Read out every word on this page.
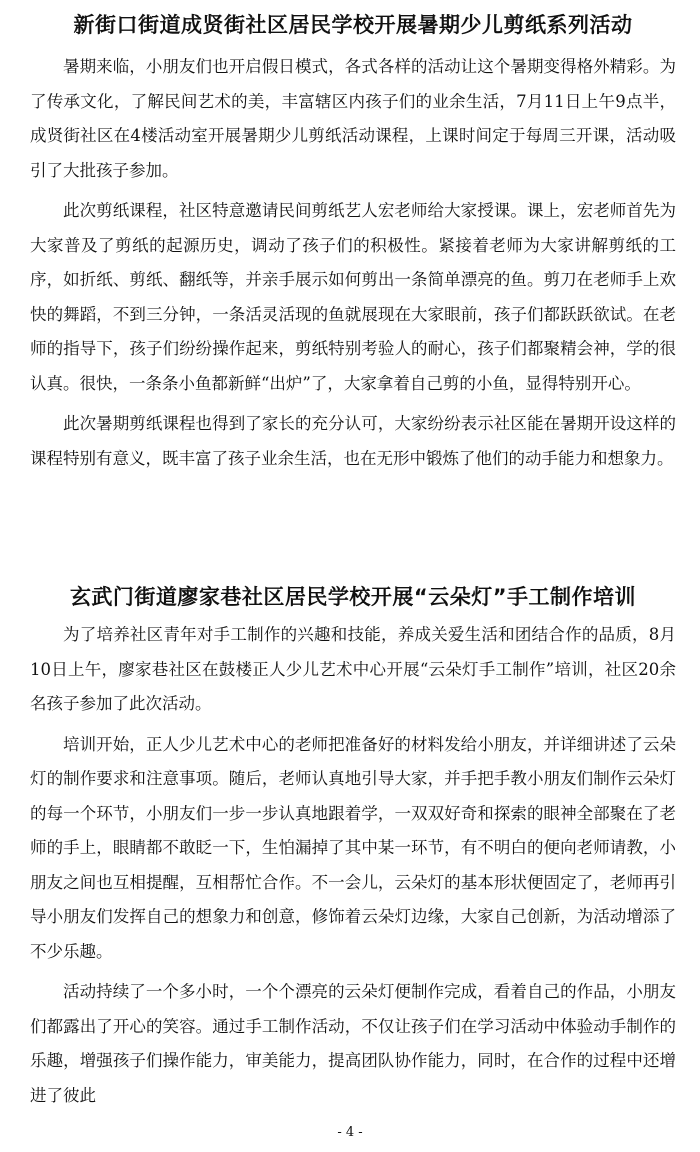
新街口街道成贤街社区居民学校开展暑期少儿剪纸系列活动

暑期来临，小朋友们也开启假日模式，各式各样的活动让这个暑期变得格外精彩。为了传承文化，了解民间艺术的美，丰富辖区内孩子们的业余生活，7月11日上午9点半，成贤街社区在4楼活动室开展暑期少儿剪纸活动课程，上课时间定于每周三开课，活动吸引了大批孩子参加。

此次剪纸课程，社区特意邀请民间剪纸艺人宏老师给大家授课。课上，宏老师首先为大家普及了剪纸的起源历史，调动了孩子们的积极性。紧接着老师为大家讲解剪纸的工序，如折纸、剪纸、翻纸等，并亲手展示如何剪出一条简单漂亮的鱼。剪刀在老师手上欢快的舞蹈，不到三分钟，一条活灵活现的鱼就展现在大家眼前，孩子们都跃跃欲试。在老师的指导下，孩子们纷纷操作起来，剪纸特别考验人的耐心，孩子们都聚精会神，学的很认真。很快，一条条小鱼都新鲜“出炉”了，大家拿着自己剪的小鱼，显得特别开心。

此次暑期剪纸课程也得到了家长的充分认可，大家纷纷表示社区能在暑期开设这样的课程特别有意义，既丰富了孩子业余生活，也在无形中锻炼了他们的动手能力和想象力。

玄武门街道廖家巷社区居民学校开展“云朵灯”手工制作培训

为了培养社区青年对手工制作的兴趣和技能，养成关爱生活和团结合作的品质，8月10日上午，廖家巷社区在鼓楼正人少儿艺术中心开展“云朵灯手工制作”培训，社区20余名孩子参加了此次活动。

培训开始，正人少儿艺术中心的老师把准备好的材料发给小朋友，并详细讲述了云朵灯的制作要求和注意事项。随后，老师认真地引导大家，并手把手教小朋友们制作云朵灯的每一个环节，小朋友们一步一步认真地跟着学，一双双好奇和探索的眼神全部聚在了老师的手上，眼睛都不敢眨一下，生怕漏掉了其中某一环节，有不明白的便向老师请教，小朋友之间也互相提醒，互相帮忙合作。不一会儿，云朵灯的基本形状便固定了，老师再引导小朋友们发挥自己的想象力和创意，修饰着云朵灯边缘，大家自己创新，为活动增添了不少乐趣。

活动持续了一个多小时，一个个漂亮的云朵灯便制作完成，看着自己的作品，小朋友们都露出了开心的笑容。通过手工制作活动，不仅让孩子们在学习活动中体验动手制作的乐趣，增强孩子们操作能力，审美能力，提高团队协作能力，同时，在合作的过程中还增进了彼此

- 4 -
